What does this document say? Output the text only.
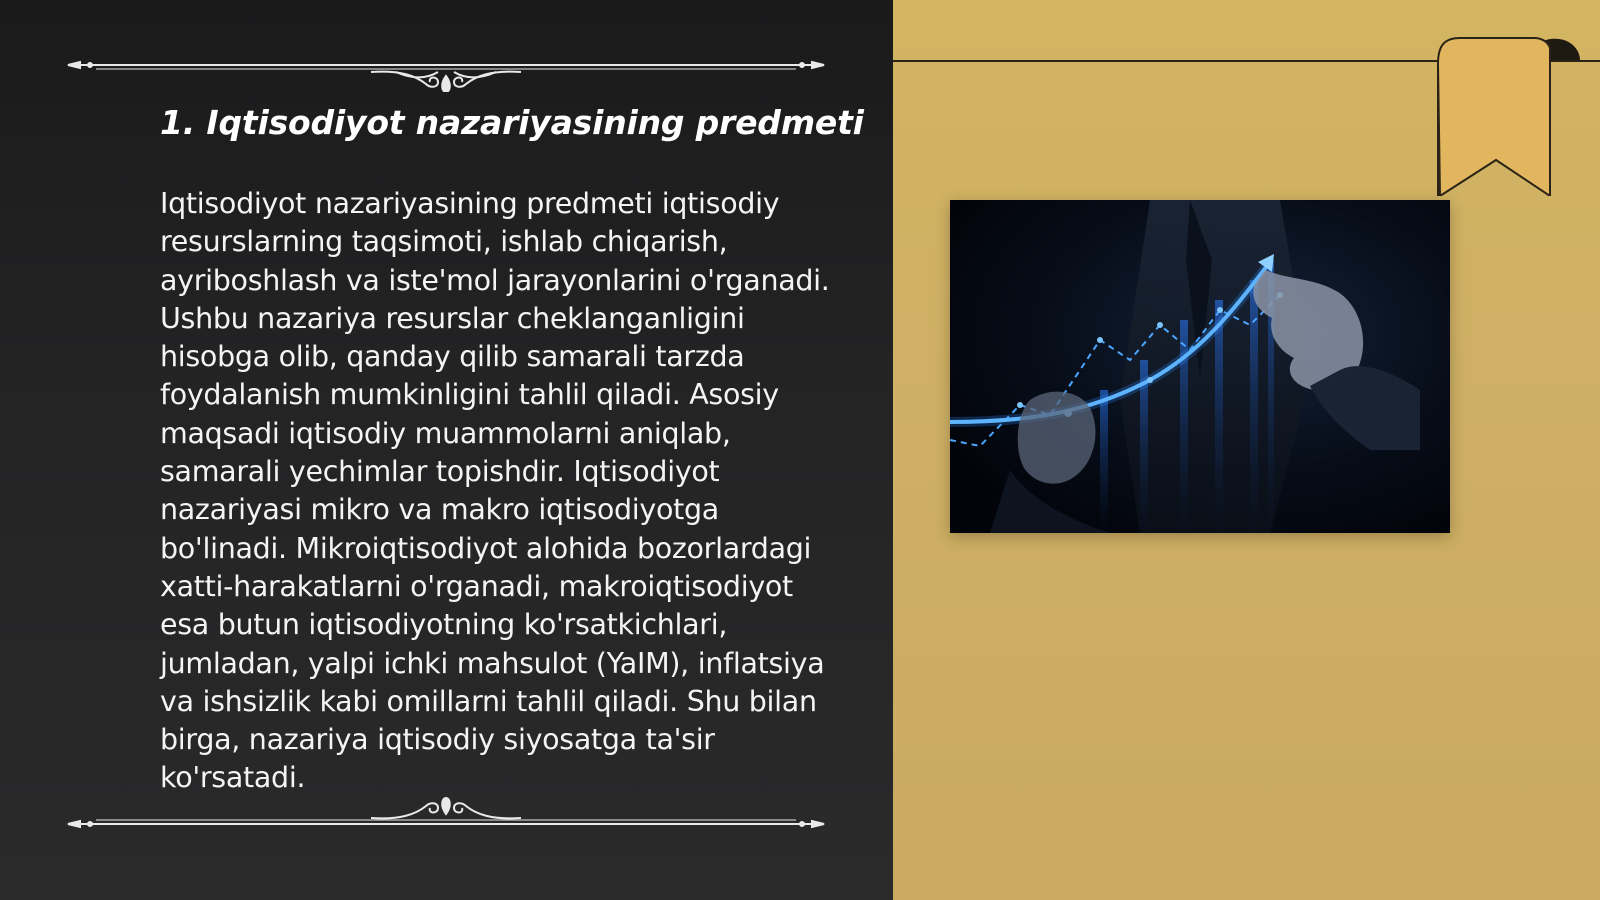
1. Iqtisodiyot nazariyasining predmeti

Iqtisodiyot nazariyasining predmeti iqtisodiy resurslarning taqsimoti, ishlab chiqarish, ayriboshlash va iste'mol jarayonlarini o'rganadi. Ushbu nazariya resurslar cheklanganligini hisobga olib, qanday qilib samarali tarzda foydalanish mumkinligini tahlil qiladi. Asosiy maqsadi iqtisodiy muammolarni aniqlab, samarali yechimlar topishdir. Iqtisodiyot nazariyasi mikro va makro iqtisodiyotga bo'linadi. Mikroiqtisodiyot alohida bozorlardagi xatti-harakatlarni o'rganadi, makroiqtisodiyot esa butun iqtisodiyotning ko'rsatkichlari, jumladan, yalpi ichki mahsulot (YaIM), inflatsiya va ishsizlik kabi omillarni tahlil qiladi. Shu bilan birga, nazariya iqtisodiy siyosatga ta'sir ko'rsatadi.
